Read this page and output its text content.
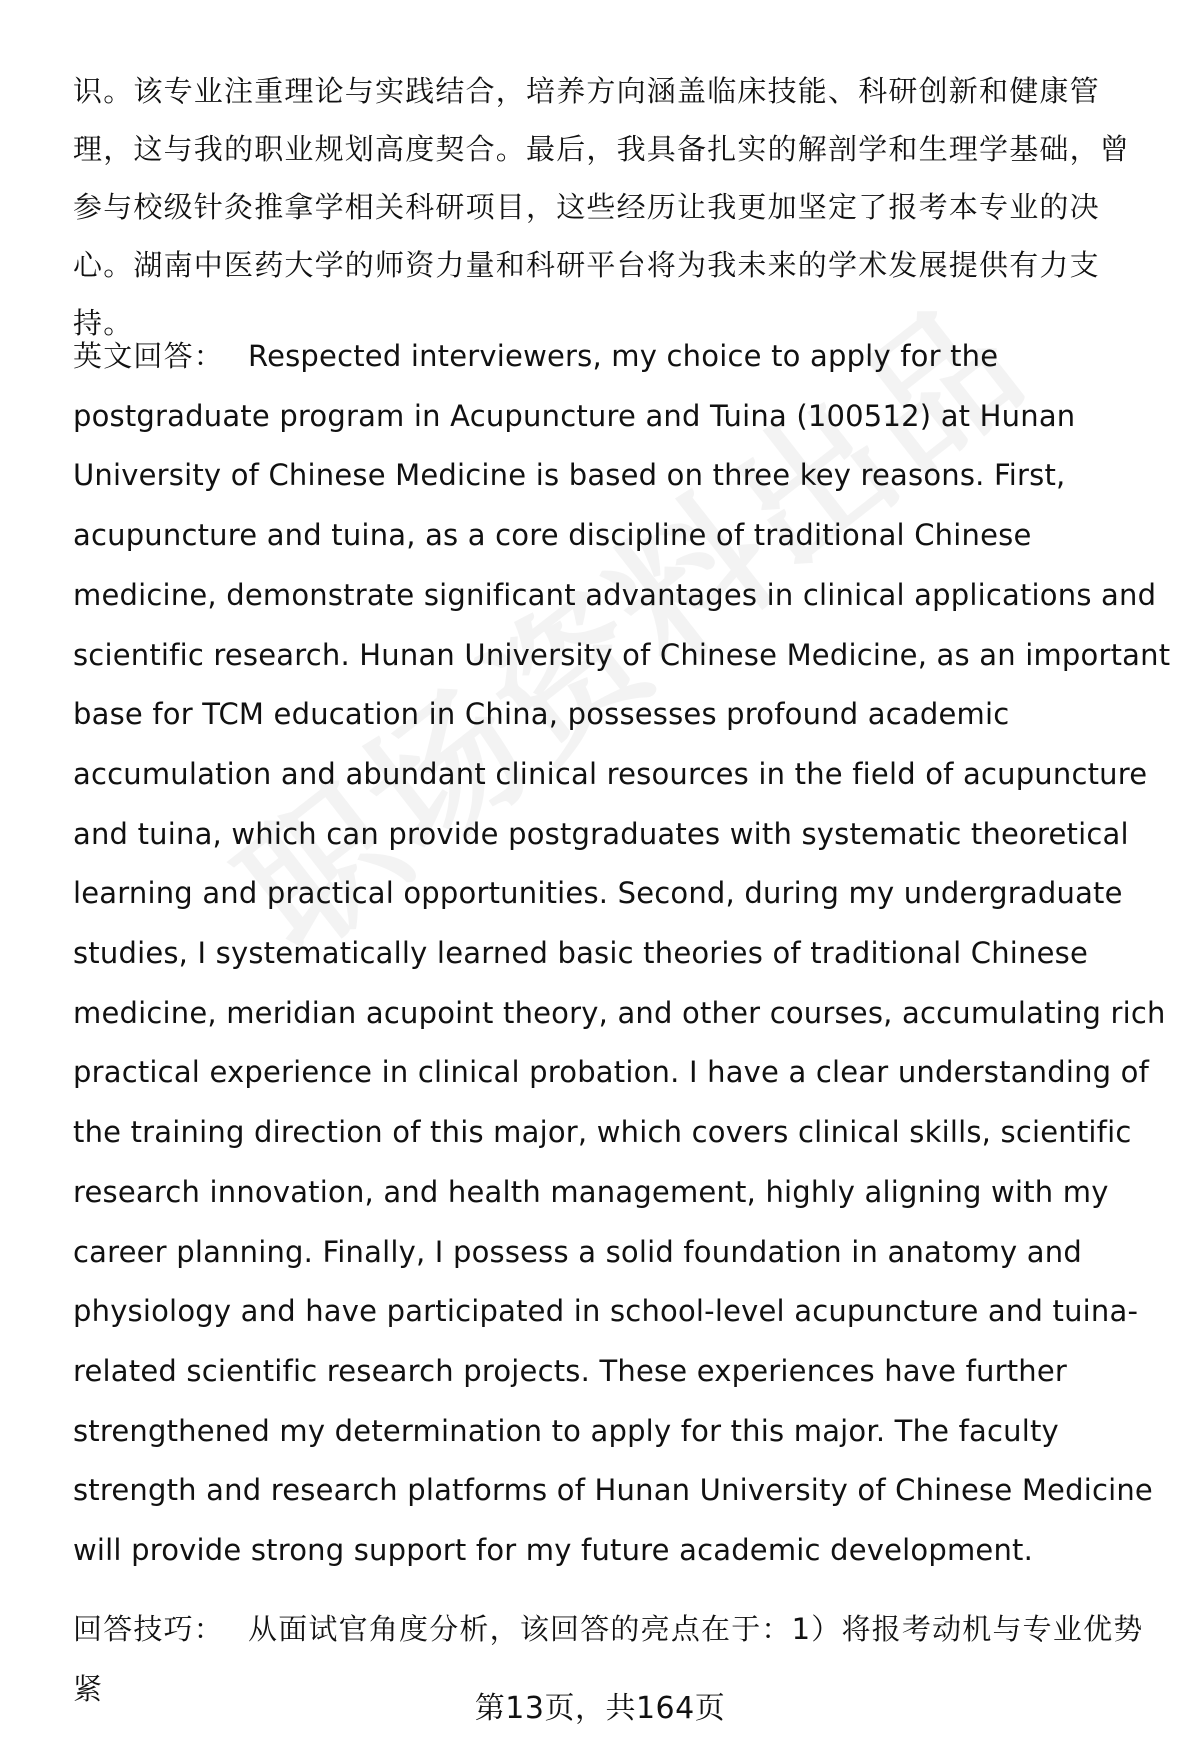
识。该专业注重理论与实践结合，培养方向涵盖临床技能、科研创新和健康管理，这与我的职业规划高度契合。最后，我具备扎实的解剖学和生理学基础，曾参与校级针灸推拿学相关科研项目，这些经历让我更加坚定了报考本专业的决心。湖南中医药大学的师资力量和科研平台将为我未来的学术发展提供有力支持。
英文回答： Respected interviewers, my choice to apply for the postgraduate program in Acupuncture and Tuina (100512) at Hunan University of Chinese Medicine is based on three key reasons. First, acupuncture and tuina, as a core discipline of traditional Chinese medicine, demonstrate significant advantages in clinical applications and scientific research. Hunan University of Chinese Medicine, as an important base for TCM education in China, possesses profound academic accumulation and abundant clinical resources in the field of acupuncture and tuina, which can provide postgraduates with systematic theoretical learning and practical opportunities. Second, during my undergraduate studies, I systematically learned basic theories of traditional Chinese medicine, meridian acupoint theory, and other courses, accumulating rich practical experience in clinical probation. I have a clear understanding of the training direction of this major, which covers clinical skills, scientific research innovation, and health management, highly aligning with my career planning. Finally, I possess a solid foundation in anatomy and physiology and have participated in school-level acupuncture and tuina-related scientific research projects. These experiences have further strengthened my determination to apply for this major. The faculty strength and research platforms of Hunan University of Chinese Medicine will provide strong support for my future academic development.
回答技巧： 从面试官角度分析，该回答的亮点在于：1）将报考动机与专业优势紧
第13页，共164页
